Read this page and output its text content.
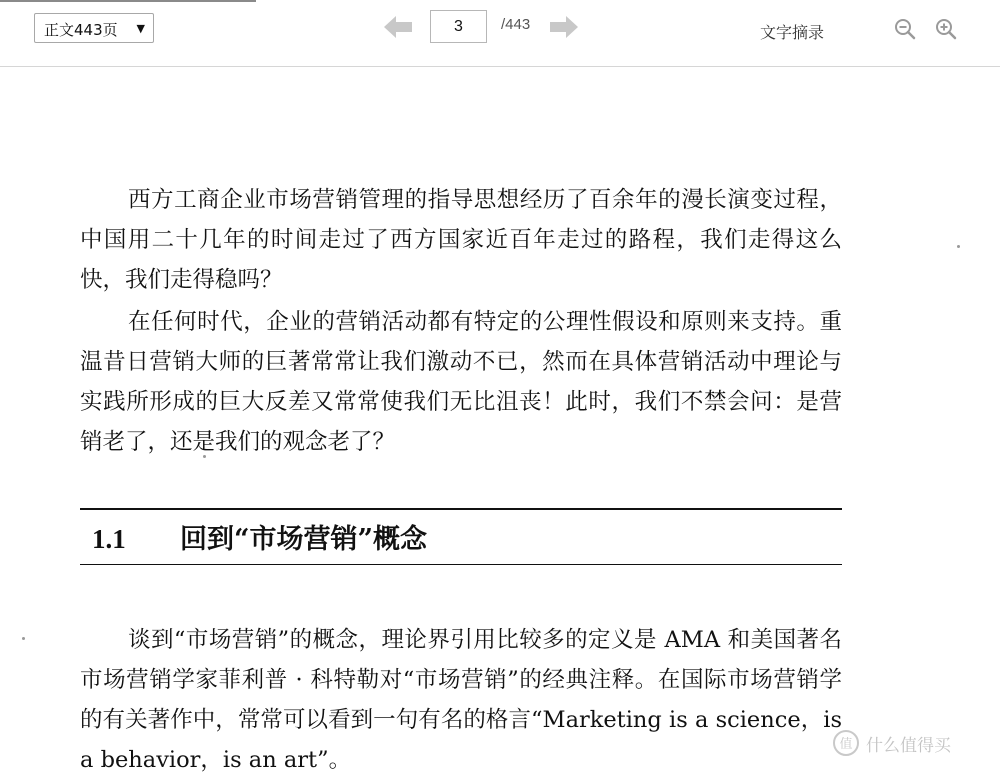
正文443页 ▼
3	/443	文字摘录

西方工商企业市场营销管理的指导思想经历了百余年的漫长演变过程，中国用二十几年的时间走过了西方国家近百年走过的路程，我们走得这么快，我们走得稳吗？

在任何时代，企业的营销活动都有特定的公理性假设和原则来支持。重温昔日营销大师的巨著常常让我们激动不已，然而在具体营销活动中理论与实践所形成的巨大反差又常常使我们无比沮丧！此时，我们不禁会问：是营销老了，还是我们的观念老了？

1.1 回到“市场营销”概念

谈到“市场营销”的概念，理论界引用比较多的定义是 AMA 和美国著名市场营销学家菲利普 · 科特勒对“市场营销”的经典注释。在国际市场营销学的有关著作中，常常可以看到一句有名的格言“Marketing is a science，is a behavior，is an art”。

值 什么值得买
